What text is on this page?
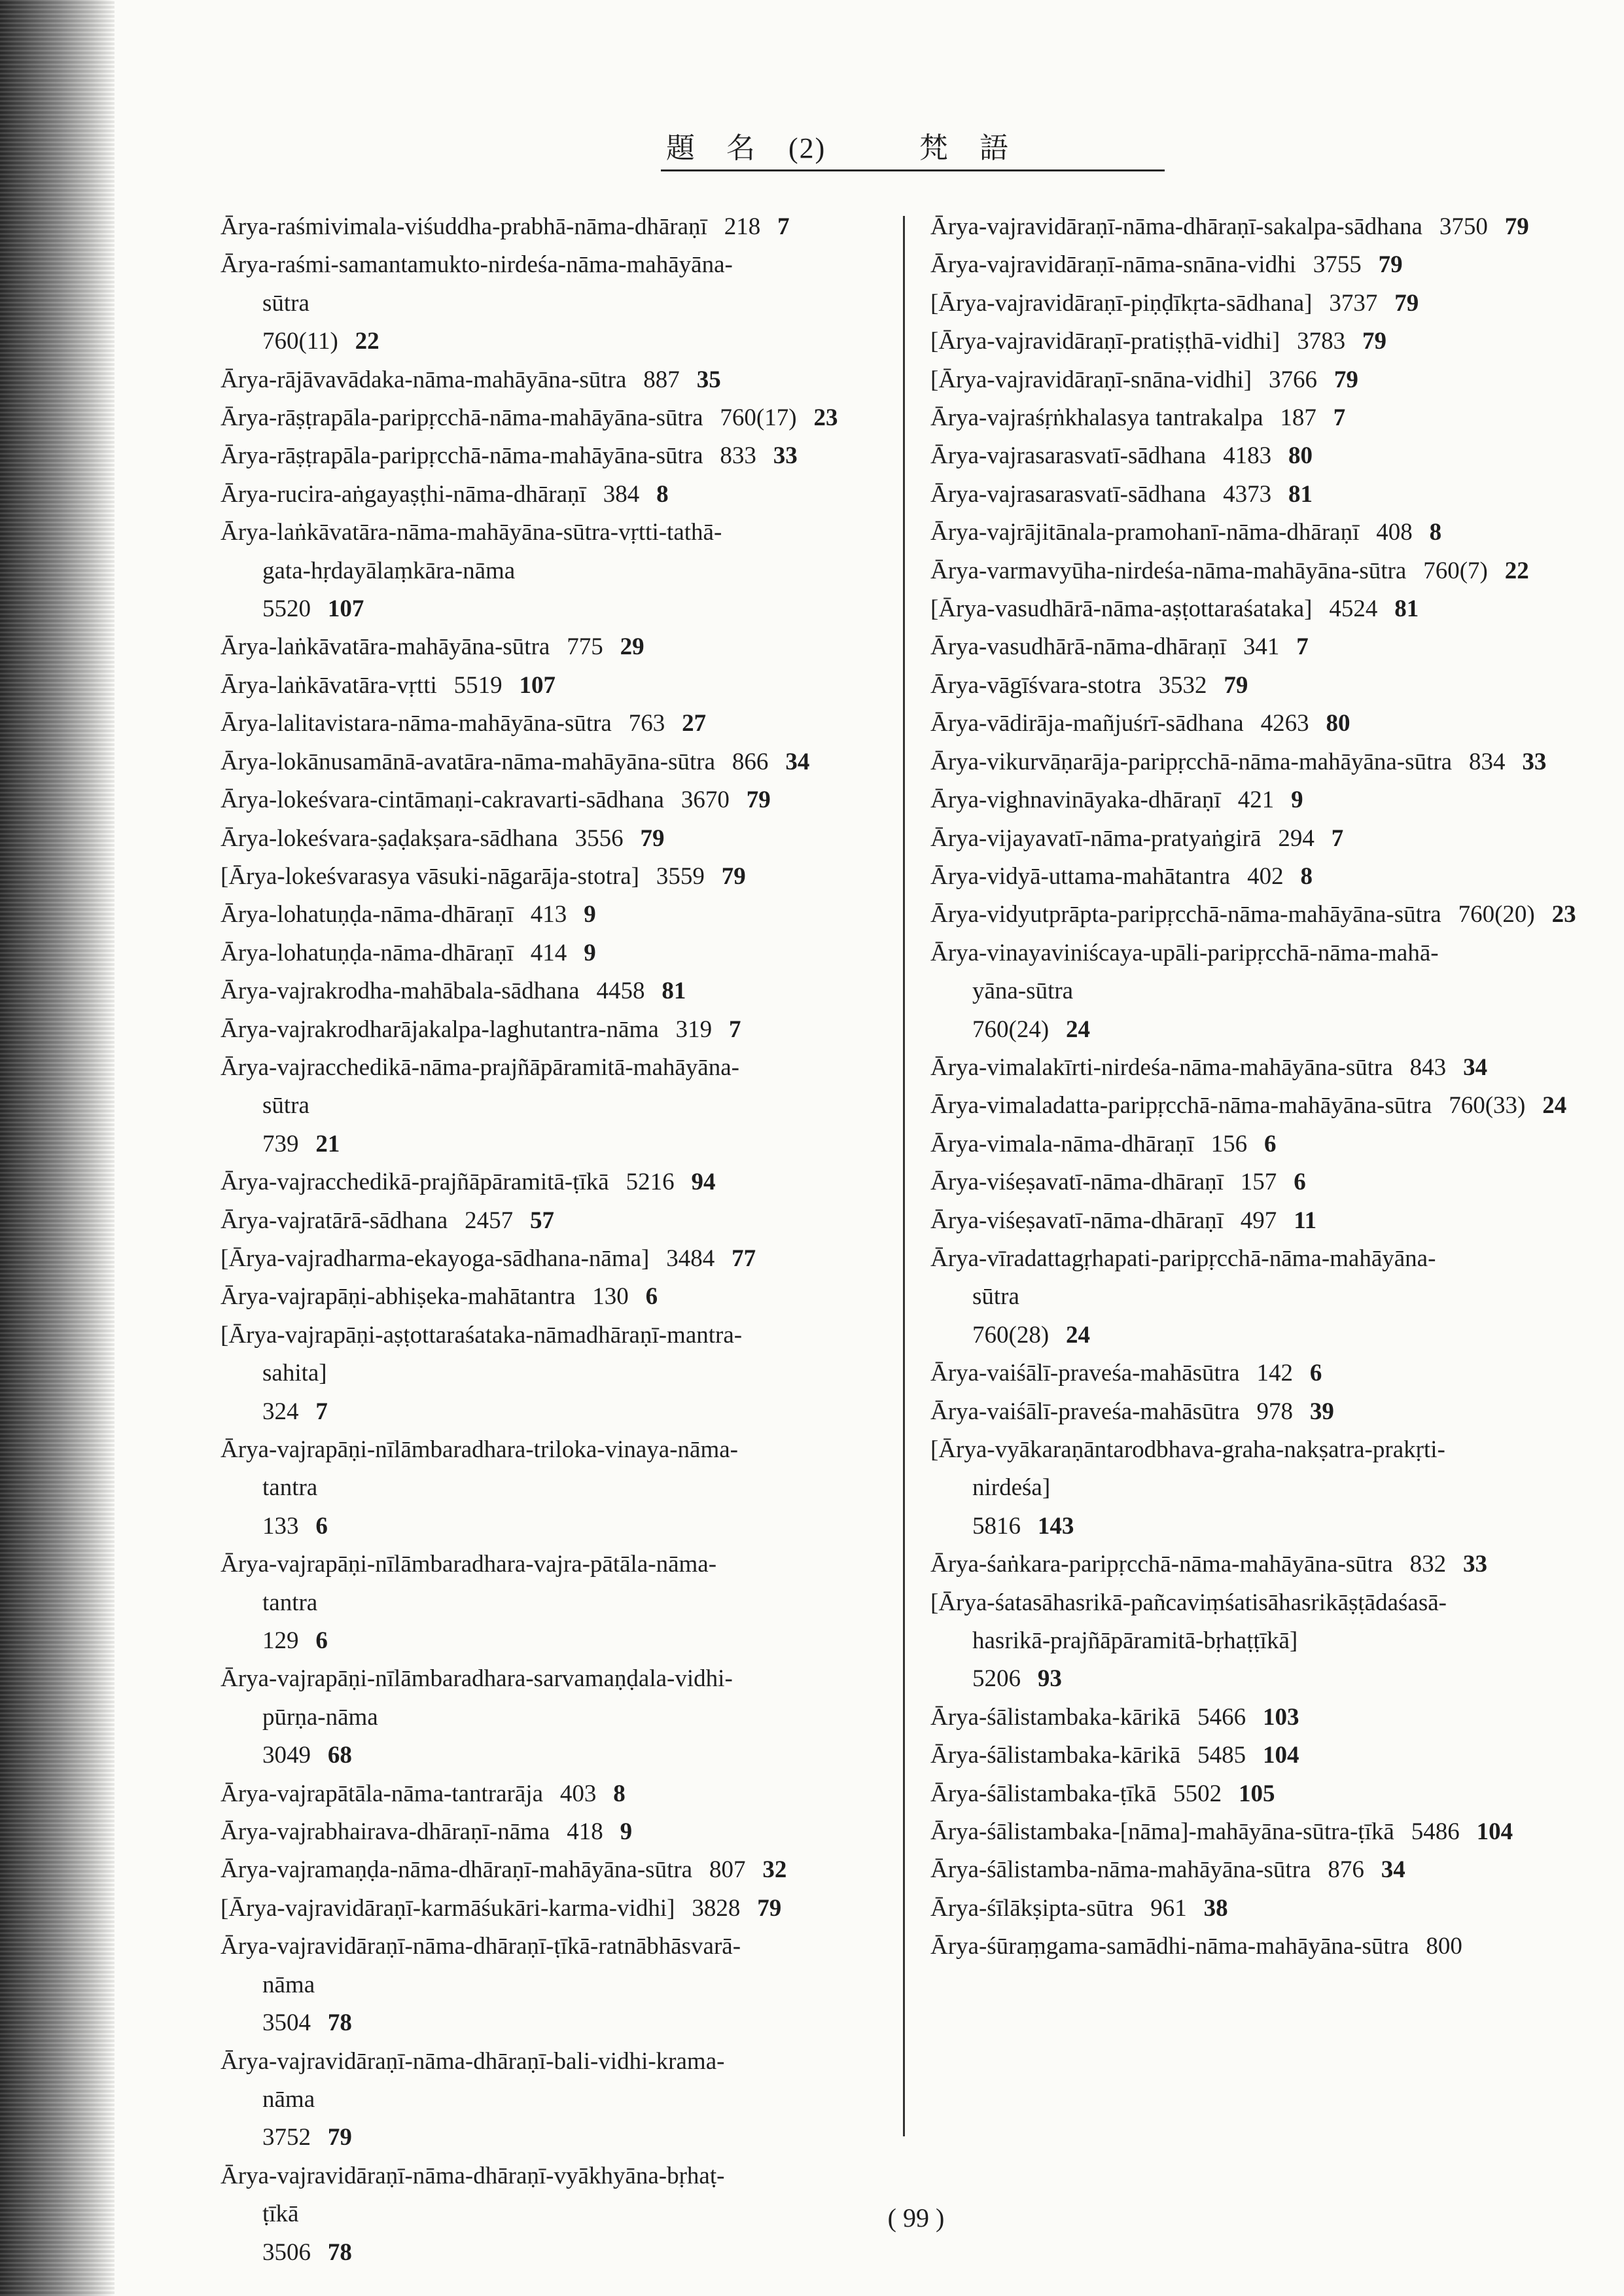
題　名 (2)	梵　語
Ārya-raśmivimala-viśuddha-prabhā-nāma-dhāraṇī 218 7
Ārya-raśmi-samantamukto-nirdeśa-nāma-mahāyāna-
sūtra
760(11) 22
Ārya-rājāvavādaka-nāma-mahāyāna-sūtra 887 35
Ārya-rāṣṭrapāla-paripṛcchā-nāma-mahāyāna-sūtra 760(17) 23
Ārya-rāṣṭrapāla-paripṛcchā-nāma-mahāyāna-sūtra 833 33
Ārya-rucira-aṅgayaṣṭhi-nāma-dhāraṇī 384 8
Ārya-laṅkāvatāra-nāma-mahāyāna-sūtra-vṛtti-tathā-
gata-hṛdayālaṃkāra-nāma
5520 107
Ārya-laṅkāvatāra-mahāyāna-sūtra 775 29
Ārya-laṅkāvatāra-vṛtti 5519 107
Ārya-lalitavistara-nāma-mahāyāna-sūtra 763 27
Ārya-lokānusamānā-avatāra-nāma-mahāyāna-sūtra 866 34
Ārya-lokeśvara-cintāmaṇi-cakravarti-sādhana 3670 79
Ārya-lokeśvara-ṣaḍakṣara-sādhana 3556 79
[Ārya-lokeśvarasya vāsuki-nāgarāja-stotra] 3559 79
Ārya-lohatuṇḍa-nāma-dhāraṇī 413 9
Ārya-lohatuṇḍa-nāma-dhāraṇī 414 9
Ārya-vajrakrodha-mahābala-sādhana 4458 81
Ārya-vajrakrodharājakalpa-laghutantra-nāma 319 7
Ārya-vajracchedikā-nāma-prajñāpāramitā-mahāyāna-
sūtra
739 21
Ārya-vajracchedikā-prajñāpāramitā-ṭīkā 5216 94
Ārya-vajratārā-sādhana 2457 57
[Ārya-vajradharma-ekayoga-sādhana-nāma] 3484 77
Ārya-vajrapāṇi-abhiṣeka-mahātantra 130 6
[Ārya-vajrapāṇi-aṣṭottaraśataka-nāmadhāraṇī-mantra-
sahita]
324 7
Ārya-vajrapāṇi-nīlāmbaradhara-triloka-vinaya-nāma-
tantra
133 6
Ārya-vajrapāṇi-nīlāmbaradhara-vajra-pātāla-nāma-
tantra
129 6
Ārya-vajrapāṇi-nīlāmbaradhara-sarvamaṇḍala-vidhi-
pūrṇa-nāma
3049 68
Ārya-vajrapātāla-nāma-tantrarāja 403 8
Ārya-vajrabhairava-dhāraṇī-nāma 418 9
Ārya-vajramaṇḍa-nāma-dhāraṇī-mahāyāna-sūtra 807 32
[Ārya-vajravidāraṇī-karmāśukāri-karma-vidhi] 3828 79
Ārya-vajravidāraṇī-nāma-dhāraṇī-ṭīkā-ratnābhāsvarā-
nāma
3504 78
Ārya-vajravidāraṇī-nāma-dhāraṇī-bali-vidhi-krama-
nāma
3752 79
Ārya-vajravidāraṇī-nāma-dhāraṇī-vyākhyāna-bṛhaṭ-
ṭīkā
3506 78
Ārya-vajravidāraṇī-nāma-dhāraṇī-sakalpa-sādhana 3750 79
Ārya-vajravidāraṇī-nāma-snāna-vidhi 3755 79
[Ārya-vajravidāraṇī-piṇḍīkṛta-sādhana] 3737 79
[Ārya-vajravidāraṇī-pratiṣṭhā-vidhi] 3783 79
[Ārya-vajravidāraṇī-snāna-vidhi] 3766 79
Ārya-vajraśṛṅkhalasya tantrakalpa 187 7
Ārya-vajrasarasvatī-sādhana 4183 80
Ārya-vajrasarasvatī-sādhana 4373 81
Ārya-vajrājitānala-pramohanī-nāma-dhāraṇī 408 8
Ārya-varmavyūha-nirdeśa-nāma-mahāyāna-sūtra 760(7) 22
[Ārya-vasudhārā-nāma-aṣṭottaraśataka] 4524 81
Ārya-vasudhārā-nāma-dhāraṇī 341 7
Ārya-vāgīśvara-stotra 3532 79
Ārya-vādirāja-mañjuśrī-sādhana 4263 80
Ārya-vikurvāṇarāja-paripṛcchā-nāma-mahāyāna-sūtra 834 33
Ārya-vighnavināyaka-dhāraṇī 421 9
Ārya-vijayavatī-nāma-pratyaṅgirā 294 7
Ārya-vidyā-uttama-mahātantra 402 8
Ārya-vidyutprāpta-paripṛcchā-nāma-mahāyāna-sūtra 760(20) 23
Ārya-vinayaviniścaya-upāli-paripṛcchā-nāma-mahā-
yāna-sūtra
760(24) 24
Ārya-vimalakīrti-nirdeśa-nāma-mahāyāna-sūtra 843 34
Ārya-vimaladatta-paripṛcchā-nāma-mahāyāna-sūtra 760(33) 24
Ārya-vimala-nāma-dhāraṇī 156 6
Ārya-viśeṣavatī-nāma-dhāraṇī 157 6
Ārya-viśeṣavatī-nāma-dhāraṇī 497 11
Ārya-vīradattagṛhapati-paripṛcchā-nāma-mahāyāna-
sūtra
760(28) 24
Ārya-vaiśālī-praveśa-mahāsūtra 142 6
Ārya-vaiśālī-praveśa-mahāsūtra 978 39
[Ārya-vyākaraṇāntarodbhava-graha-nakṣatra-prakṛti-
nirdeśa]
5816 143
Ārya-śaṅkara-paripṛcchā-nāma-mahāyāna-sūtra 832 33
[Ārya-śatasāhasrikā-pañcaviṃśatisāhasrikāṣṭādaśasā-
hasrikā-prajñāpāramitā-bṛhaṭṭīkā]
5206 93
Ārya-śālistambaka-kārikā 5466 103
Ārya-śālistambaka-kārikā 5485 104
Ārya-śālistambaka-ṭīkā 5502 105
Ārya-śālistambaka-[nāma]-mahāyāna-sūtra-ṭīkā 5486 104
Ārya-śālistamba-nāma-mahāyāna-sūtra 876 34
Ārya-śīlākṣipta-sūtra 961 38
Ārya-śūraṃgama-samādhi-nāma-mahāyāna-sūtra 800
( 99 )
